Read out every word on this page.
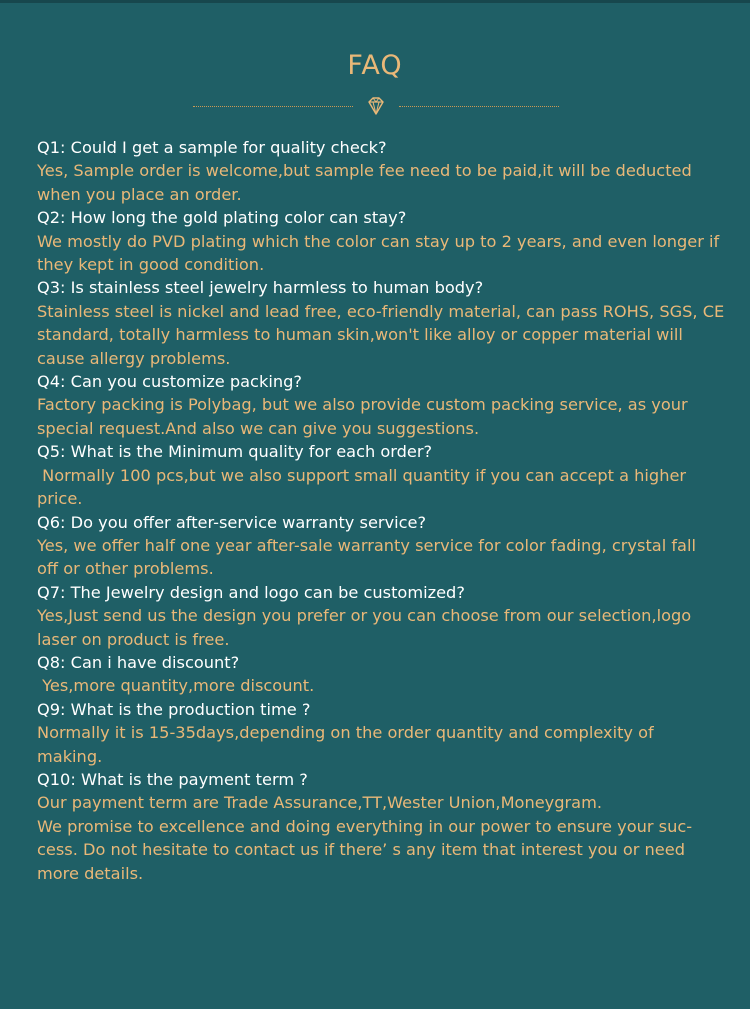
FAQ
Q1: Could I get a sample for quality check?
Yes, Sample order is welcome,but sample fee need to be paid,it will be deducted
when you place an order.
Q2: How long the gold plating color can stay?
We mostly do PVD plating which the color can stay up to 2 years, and even longer if
they kept in good condition.
Q3: Is stainless steel jewelry harmless to human body?
Stainless steel is nickel and lead free, eco-friendly material, can pass ROHS, SGS, CE
standard, totally harmless to human skin,won't like alloy or copper material will
cause allergy problems.
Q4: Can you customize packing?
Factory packing is Polybag, but we also provide custom packing service, as your
special request.And also we can give you suggestions.
Q5: What is the Minimum quality for each order?
Normally 100 pcs,but we also support small quantity if you can accept a higher
price.
Q6: Do you offer after-service warranty service?
Yes, we offer half one year after-sale warranty service for color fading, crystal fall
off or other problems.
Q7: The Jewelry design and logo can be customized?
Yes,Just send us the design you prefer or you can choose from our selection,logo
laser on product is free.
Q8: Can i have discount?
Yes,more quantity,more discount.
Q9: What is the production time ?
Normally it is 15-35days,depending on the order quantity and complexity of
making.
Q10: What is the payment term ?
Our payment term are Trade Assurance,TT,Wester Union,Moneygram.
We promise to excellence and doing everything in our power to ensure your suc-
cess. Do not hesitate to contact us if there’ s any item that interest you or need
more details.
